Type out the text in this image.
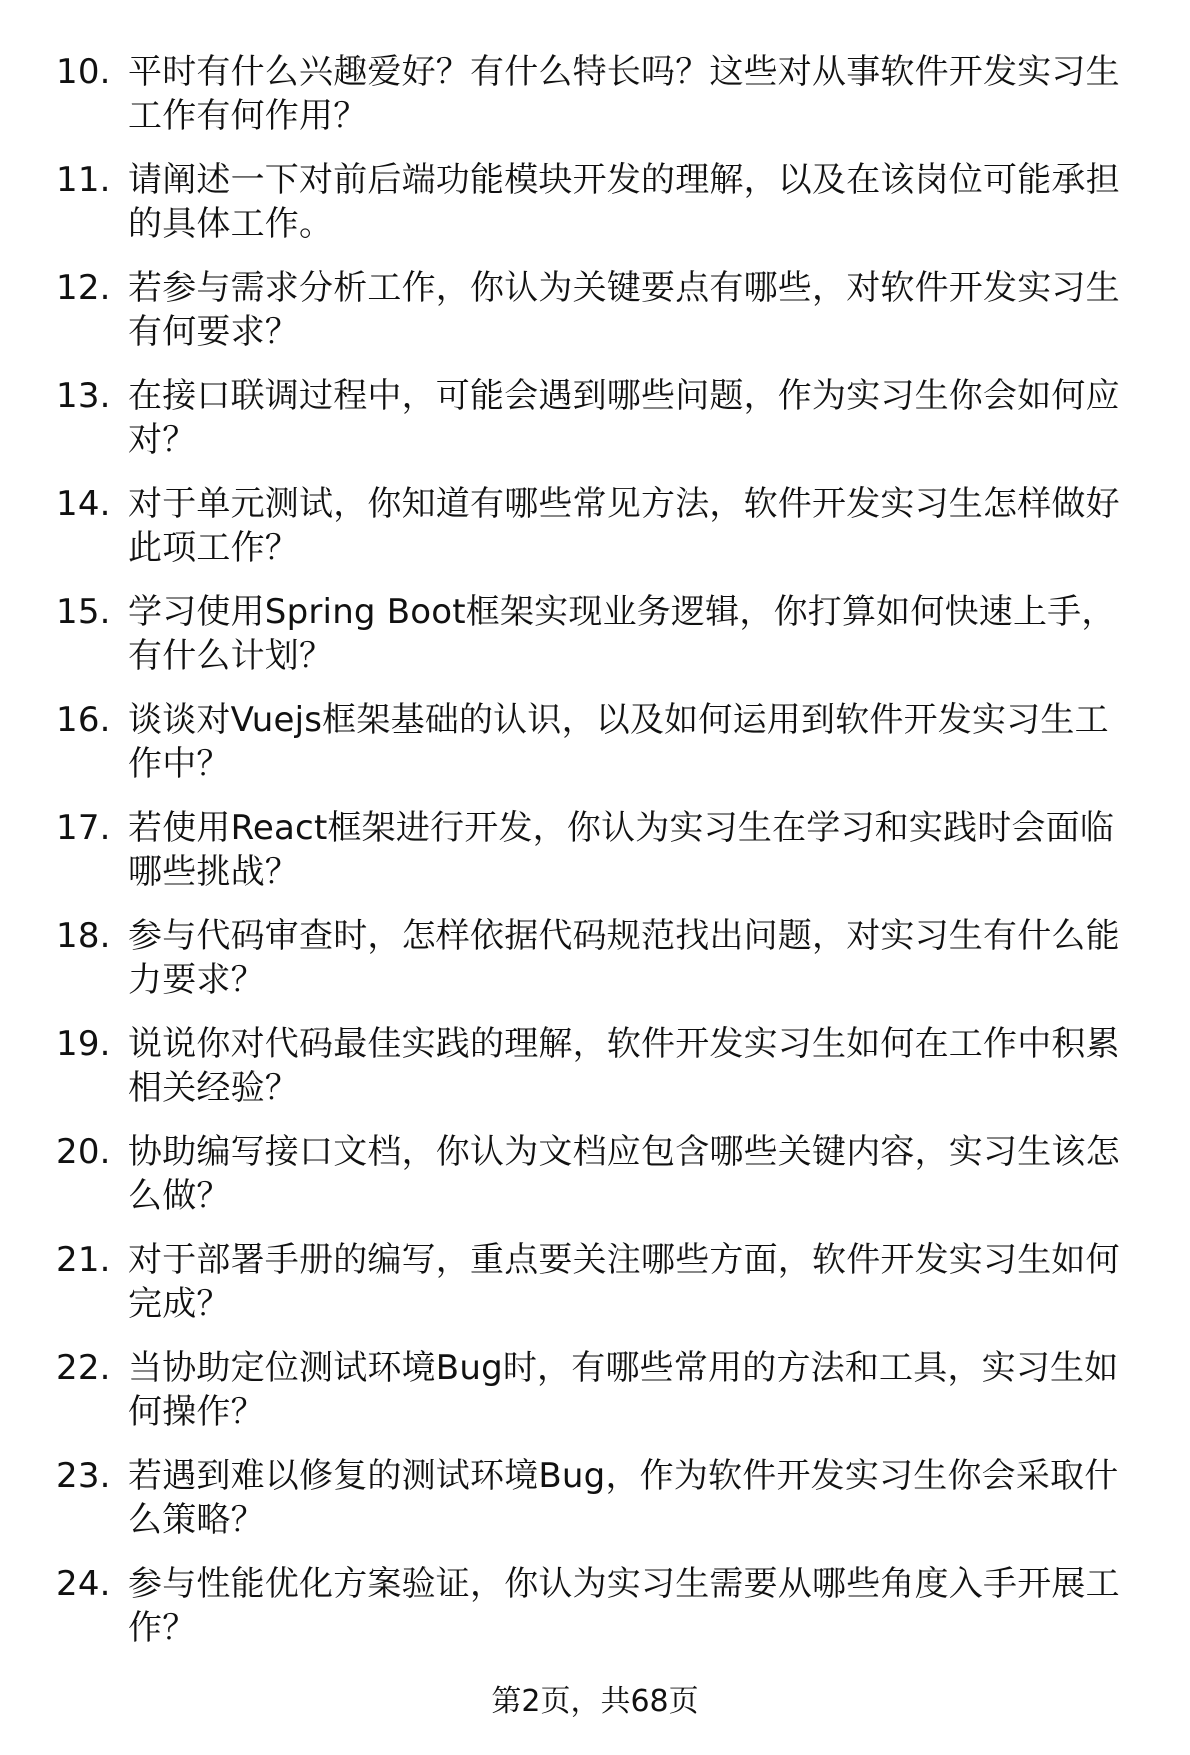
10. 平时有什么兴趣爱好？有什么特长吗？这些对从事软件开发实习生工作有何作用？
11. 请阐述一下对前后端功能模块开发的理解，以及在该岗位可能承担的具体工作。
12. 若参与需求分析工作，你认为关键要点有哪些，对软件开发实习生有何要求？
13. 在接口联调过程中，可能会遇到哪些问题，作为实习生你会如何应对？
14. 对于单元测试，你知道有哪些常见方法，软件开发实习生怎样做好此项工作？
15. 学习使用Spring Boot框架实现业务逻辑，你打算如何快速上手，有什么计划？
16. 谈谈对Vuejs框架基础的认识，以及如何运用到软件开发实习生工作中？
17. 若使用React框架进行开发，你认为实习生在学习和实践时会面临哪些挑战？
18. 参与代码审查时，怎样依据代码规范找出问题，对实习生有什么能力要求？
19. 说说你对代码最佳实践的理解，软件开发实习生如何在工作中积累相关经验？
20. 协助编写接口文档，你认为文档应包含哪些关键内容，实习生该怎么做？
21. 对于部署手册的编写，重点要关注哪些方面，软件开发实习生如何完成？
22. 当协助定位测试环境Bug时，有哪些常用的方法和工具，实习生如何操作？
23. 若遇到难以修复的测试环境Bug，作为软件开发实习生你会采取什么策略？
24. 参与性能优化方案验证，你认为实习生需要从哪些角度入手开展工作？
第2页，共68页
